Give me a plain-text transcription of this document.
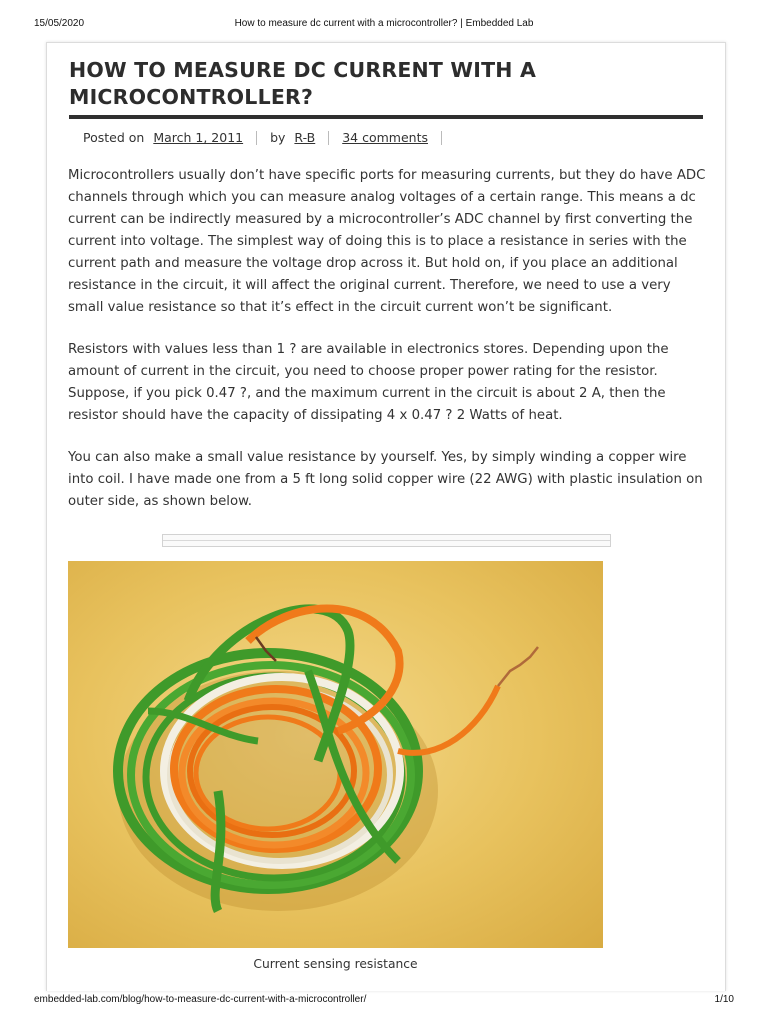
15/05/2020	How to measure dc current with a microcontroller? | Embedded Lab
HOW TO MEASURE DC CURRENT WITH A MICROCONTROLLER?
Posted on March 1, 2011 by R-B 34 comments

Microcontrollers usually don’t have specific ports for measuring currents, but they do have ADC channels through which you can measure analog voltages of a certain range. This means a dc current can be indirectly measured by a microcontroller’s ADC channel by first converting the current into voltage. The simplest way of doing this is to place a resistance in series with the current path and measure the voltage drop across it. But hold on, if you place an additional resistance in the circuit, it will affect the original current. Therefore, we need to use a very small value resistance so that it’s effect in the circuit current won’t be significant.

Resistors with values less than 1 ? are available in electronics stores. Depending upon the amount of current in the circuit, you need to choose proper power rating for the resistor. Suppose, if you pick 0.47 ?, and the maximum current in the circuit is about 2 A, then the resistor should have the capacity of dissipating 4 x 0.47 ? 2 Watts of heat.

You can also make a small value resistance by yourself. Yes, by simply winding a copper wire into coil. I have made one from a 5 ft long solid copper wire (22 AWG) with plastic insulation on outer side, as shown below.

Current sensing resistance
embedded-lab.com/blog/how-to-measure-dc-current-with-a-microcontroller/	1/10
